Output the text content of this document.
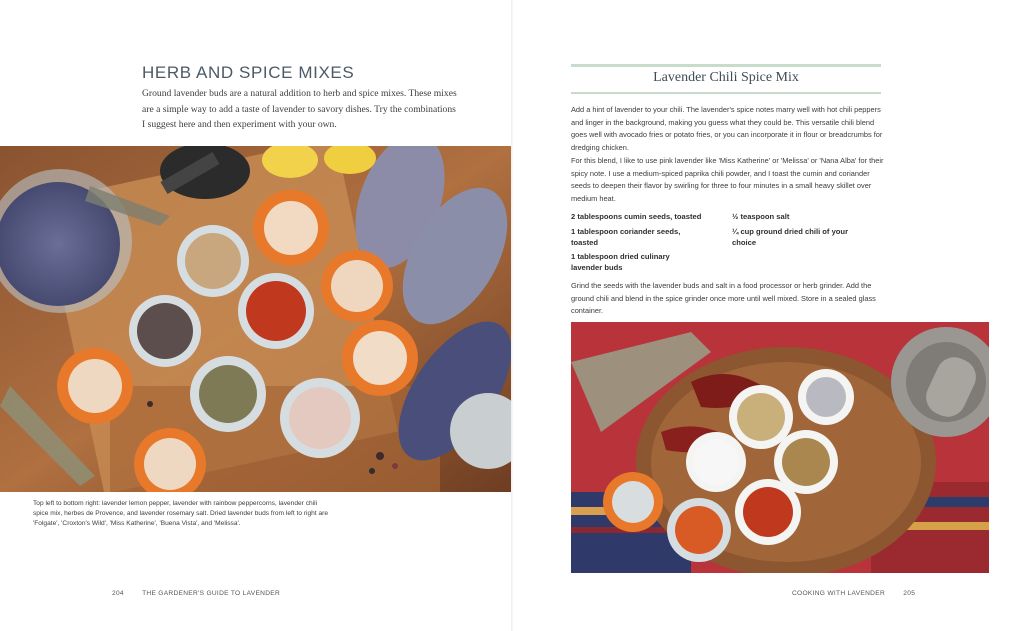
HERB AND SPICE MIXES

Ground lavender buds are a natural addition to herb and spice mixes. These mixes are a simple way to add a taste of lavender to savory dishes. Try the combinations I suggest here and then experiment with your own.

Top left to bottom right: lavender lemon pepper, lavender with rainbow peppercorns, lavender chili spice mix, herbes de Provence, and lavender rosemary salt. Dried lavender buds from left to right are 'Folgate', 'Croxton's Wild', 'Miss Katherine', 'Buena Vista', and 'Melissa'.

204	THE GARDENER'S GUIDE TO LAVENDER
Lavender Chili Spice Mix

Add a hint of lavender to your chili. The lavender's spice notes marry well with hot chili peppers and linger in the background, making you guess what they could be. This versatile chili blend goes well with avocado fries or potato fries, or you can incorporate it in flour or breadcrumbs for dredging chicken.

For this blend, I like to use pink lavender like 'Miss Katherine' or 'Melissa' or 'Nana Alba' for their spicy note. I use a medium-spiced paprika chili powder, and I toast the cumin and coriander seeds to deepen their flavor by swirling for three to four minutes in a small heavy skillet over medium heat.

2 tablespoons cumin seeds, toasted

1 tablespoon coriander seeds, toasted

1 tablespoon dried culinary lavender buds

½ teaspoon salt

¼ cup ground dried chili of your choice

Grind the seeds with the lavender buds and salt in a food processor or herb grinder. Add the ground chili and blend in the spice grinder once more until well mixed. Store in a sealed glass container.

COOKING WITH LAVENDER	205
